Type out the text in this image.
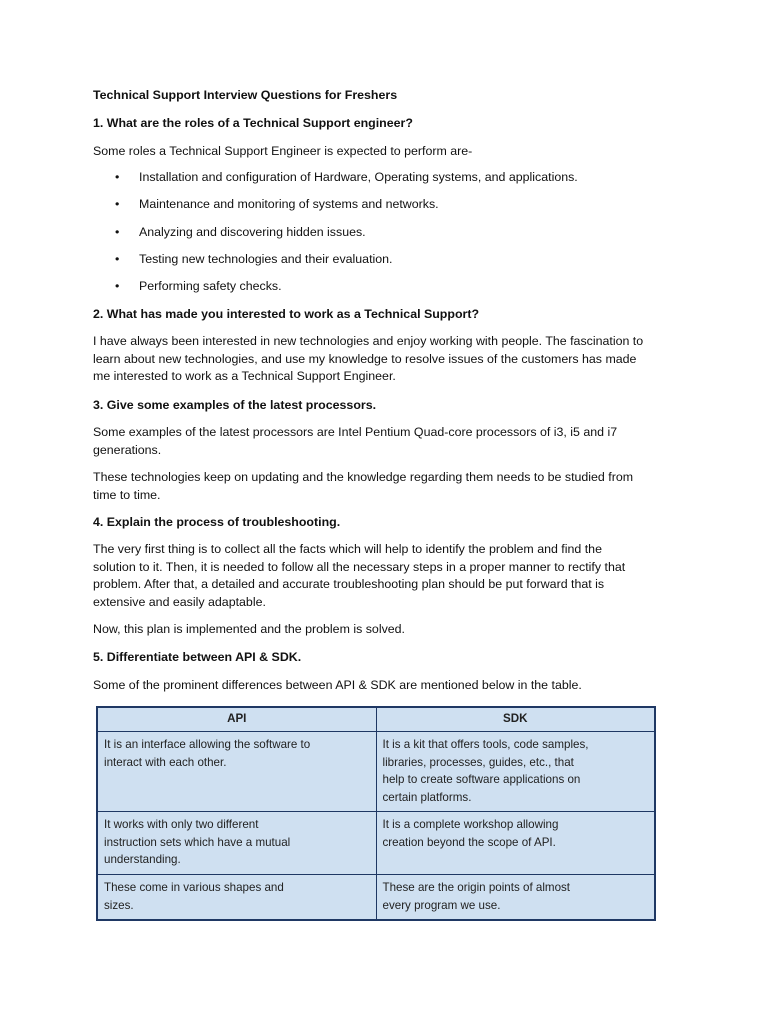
Technical Support Interview Questions for Freshers

1. What are the roles of a Technical Support engineer?

Some roles a Technical Support Engineer is expected to perform are-

• Installation and configuration of Hardware, Operating systems, and applications.
• Maintenance and monitoring of systems and networks.
• Analyzing and discovering hidden issues.
• Testing new technologies and their evaluation.
• Performing safety checks.

2. What has made you interested to work as a Technical Support?

I have always been interested in new technologies and enjoy working with people. The fascination to
learn about new technologies, and use my knowledge to resolve issues of the customers has made
me interested to work as a Technical Support Engineer.

3. Give some examples of the latest processors.

Some examples of the latest processors are Intel Pentium Quad-core processors of i3, i5 and i7
generations.
These technologies keep on updating and the knowledge regarding them needs to be studied from
time to time.

4. Explain the process of troubleshooting.

The very first thing is to collect all the facts which will help to identify the problem and find the
solution to it. Then, it is needed to follow all the necessary steps in a proper manner to rectify that
problem. After that, a detailed and accurate troubleshooting plan should be put forward that is
extensive and easily adaptable.

Now, this plan is implemented and the problem is solved.

5. Differentiate between API & SDK.

Some of the prominent differences between API & SDK are mentioned below in the table.

API	SDK

It is an interface allowing the software to
interact with each other.	It is a kit that offers tools, code samples,
libraries, processes, guides, etc., that
help to create software applications on
certain platforms.

It works with only two different
instruction sets which have a mutual
understanding.	It is a complete workshop allowing
creation beyond the scope of API.

These come in various shapes and
sizes.	These are the origin points of almost
every program we use.
